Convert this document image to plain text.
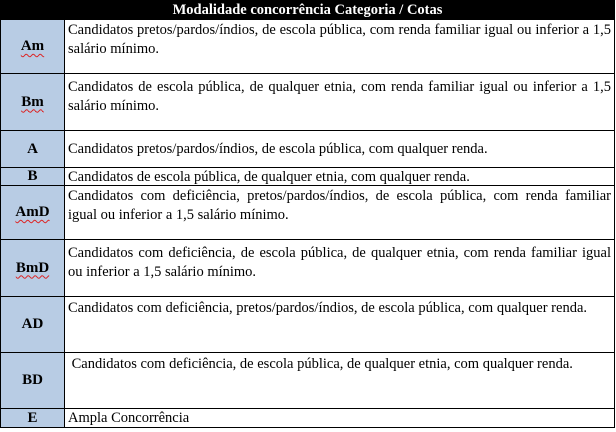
Modalidade concorrência Categoria / Cotas	
Am	Candidatos pretos/pardos/índios, de escola pública, com renda familiar igual ou inferior a 1,5 salário mínimo.

Bm	Candidatos de escola pública, de qualquer etnia, com renda familiar igual ou inferior a 1,5 salário mínimo.

A	Candidatos pretos/pardos/índios, de escola pública, com qualquer renda.

B	Candidatos de escola pública, de qualquer etnia, com qualquer renda.

AmD	Candidatos com deficiência, pretos/pardos/índios, de escola pública, com renda familiar igual ou inferior a 1,5 salário mínimo.

BmD	Candidatos com deficiência, de escola pública, de qualquer etnia, com renda familiar igual ou inferior a 1,5 salário mínimo.

AD	Candidatos com deficiência, pretos/pardos/índios, de escola pública, com qualquer renda.

BD	Candidatos com deficiência, de escola pública, de qualquer etnia, com qualquer renda.

E	Ampla Concorrência
